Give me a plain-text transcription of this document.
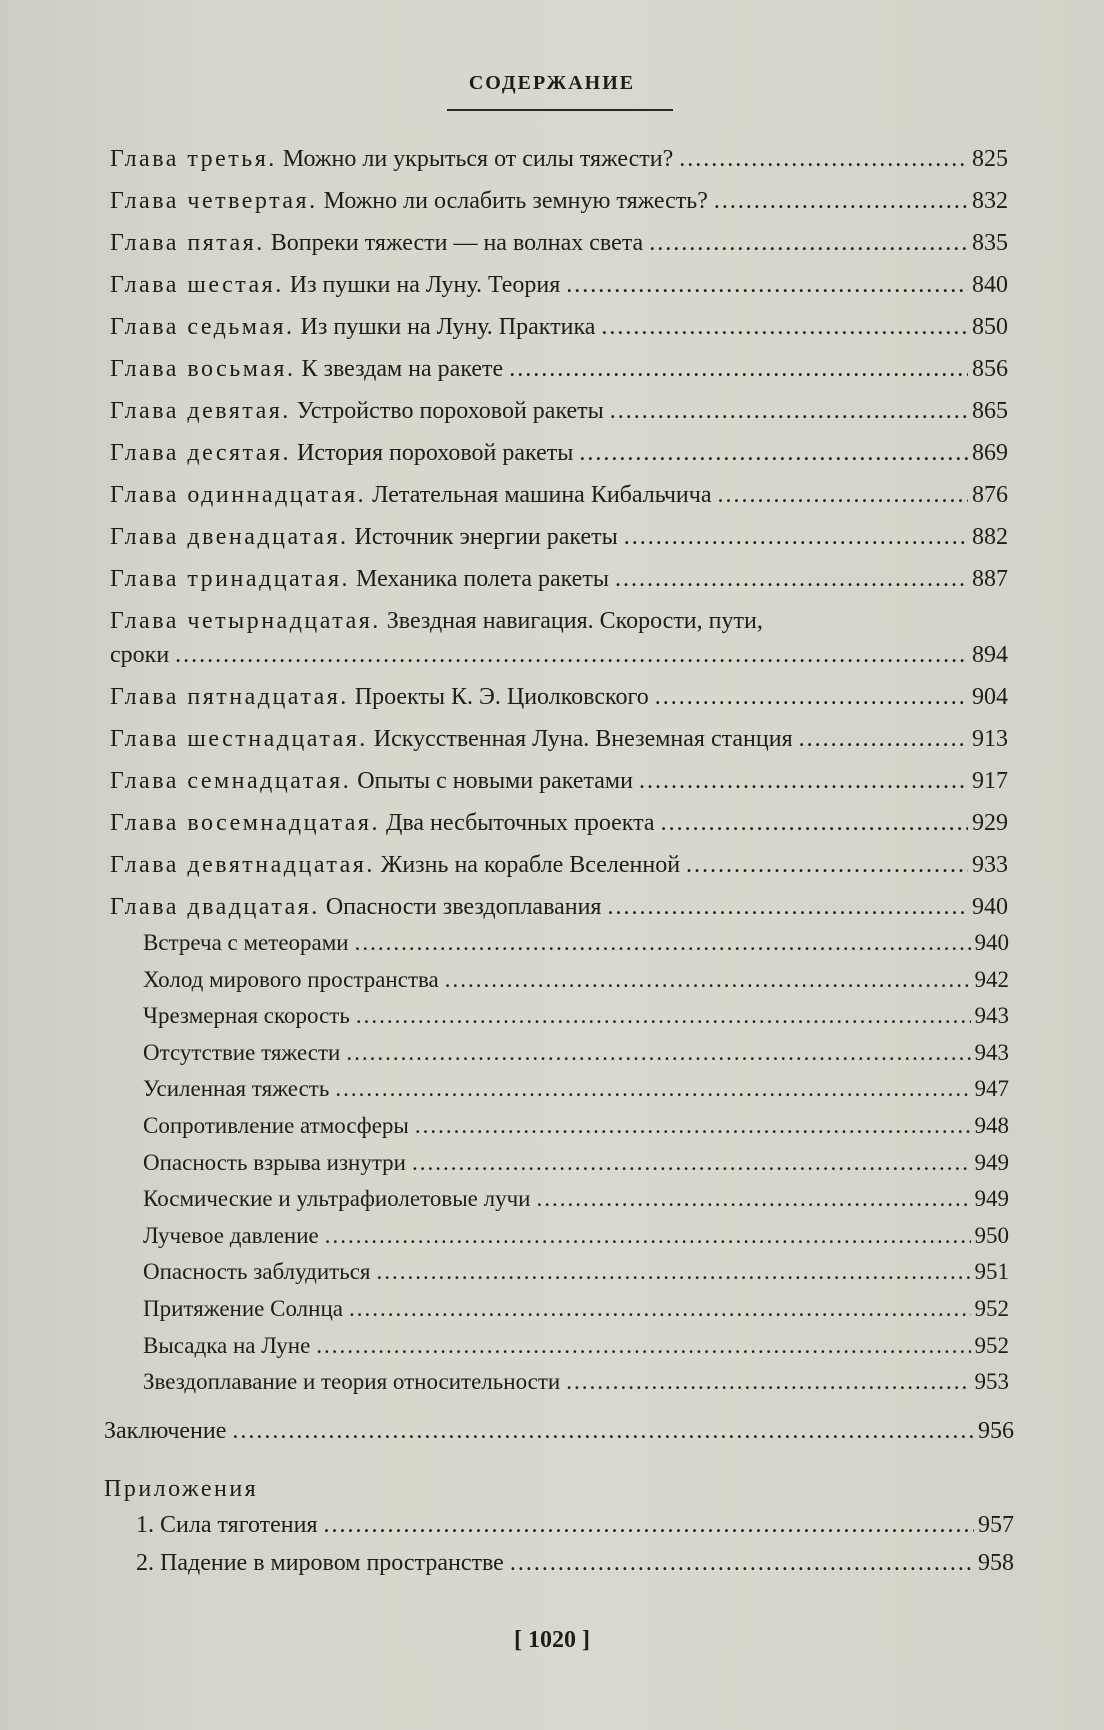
СОДЕРЖАНИЕ
Глава третья. Можно ли укрыться от силы тяжести? .....	825
Глава четвертая. Можно ли ослабить земную тяжесть? .....	832
Глава пятая. Вопреки тяжести — на волнах света .....	835
Глава шестая. Из пушки на Луну. Теория .....	840
Глава седьмая. Из пушки на Луну. Практика .....	850
Глава восьмая. К звездам на ракете .....	856
Глава девятая. Устройство пороховой ракеты .....	865
Глава десятая. История пороховой ракеты .....	869
Глава одиннадцатая. Летательная машина Кибальчича .....	876
Глава двенадцатая. Источник энергии ракеты .....	882
Глава тринадцатая. Механика полета ракеты .....	887
Глава четырнадцатая. Звездная навигация. Скорости, пути,
сроки .....	894
Глава пятнадцатая. Проекты К. Э. Циолковского .....	904
Глава шестнадцатая. Искусственная Луна. Внеземная станция .....	913
Глава семнадцатая. Опыты с новыми ракетами .....	917
Глава восемнадцатая. Два несбыточных проекта .....	929
Глава девятнадцатая. Жизнь на корабле Вселенной .....	933
Глава двадцатая. Опасности звездоплавания .....	940
Встреча с метеорами .....	940
Холод мирового пространства .....	942
Чрезмерная скорость .....	943
Отсутствие тяжести .....	943
Усиленная тяжесть .....	947
Сопротивление атмосферы .....	948
Опасность взрыва изнутри .....	949
Космические и ультрафиолетовые лучи .....	949
Лучевое давление .....	950
Опасность заблудиться .....	951
Притяжение Солнца .....	952
Высадка на Луне .....	952
Звездоплавание и теория относительности .....	953
Заключение .....	956
Приложения
1. Сила тяготения .....	957
2. Падение в мировом пространстве .....	958
[ 1020 ]
